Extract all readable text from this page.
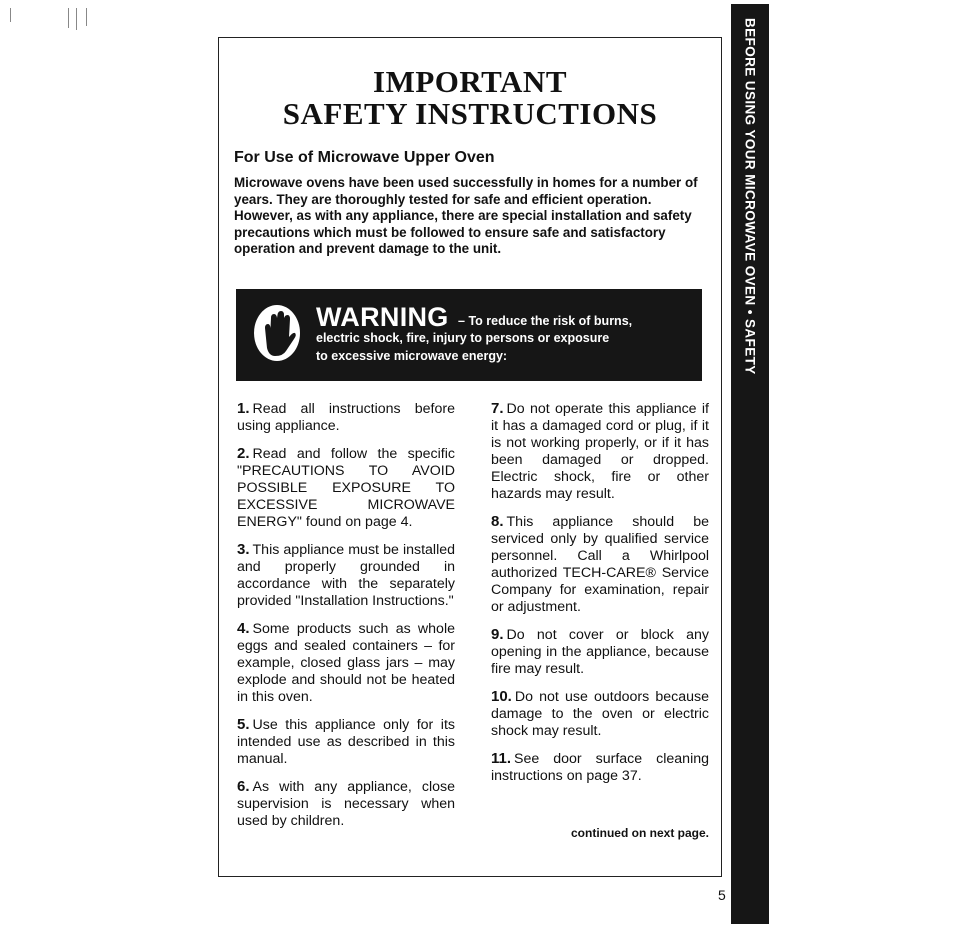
IMPORTANT
SAFETY INSTRUCTIONS
For Use of Microwave Upper Oven

Microwave ovens have been used successfully in homes for a number of years. They are thoroughly tested for safe and efficient operation. However, as with any appliance, there are special installation and safety precautions which must be followed to ensure safe and satisfactory operation and prevent damage to the unit.

WARNING – To reduce the risk of burns,
electric shock, fire, injury to persons or exposure
to excessive microwave energy:

1. Read all instructions before using appliance.

2. Read and follow the specific "PRECAUTIONS TO AVOID POSSIBLE EXPOSURE TO EXCESSIVE MICROWAVE ENERGY" found on page 4.

3. This appliance must be installed and properly grounded in accordance with the separately provided "Installation Instructions."

4. Some products such as whole eggs and sealed containers – for example, closed glass jars – may explode and should not be heated in this oven.

5. Use this appliance only for its intended use as described in this manual.

6. As with any appliance, close supervision is necessary when used by children.

7. Do not operate this appliance if it has a damaged cord or plug, if it is not working properly, or if it has been damaged or dropped. Electric shock, fire or other hazards may result.

8. This appliance should be serviced only by qualified service personnel. Call a Whirlpool authorized TECH-CARE® Service Company for examination, repair or adjustment.

9. Do not cover or block any opening in the appliance, because fire may result.

10. Do not use outdoors because damage to the oven or electric shock may result.

11. See door surface cleaning instructions on page 37.

continued on next page.
5
BEFORE USING YOUR MICROWAVE OVEN • SAFETY
